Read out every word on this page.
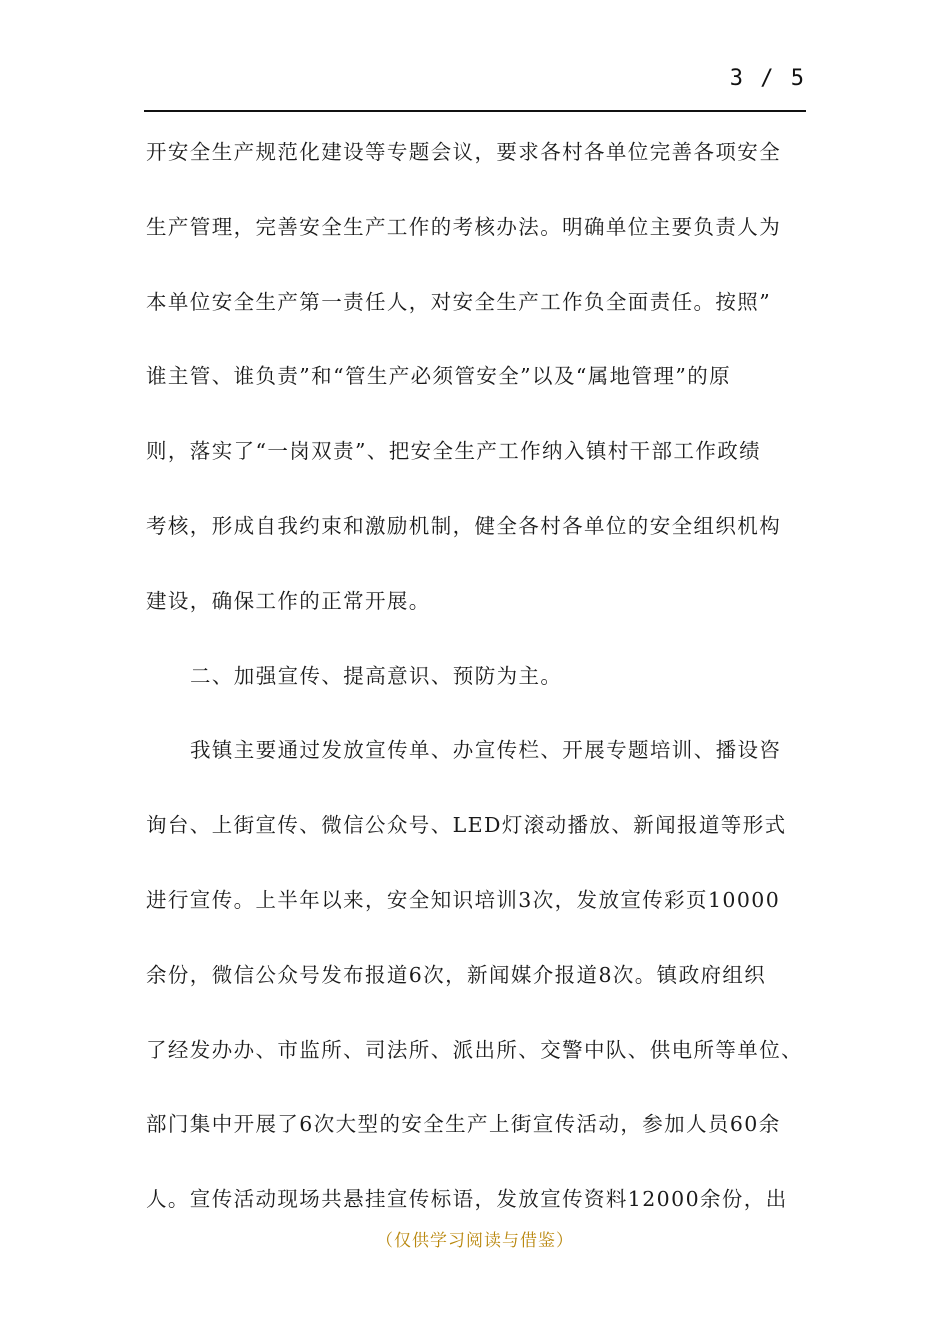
3 / 5
开安全生产规范化建设等专题会议，要求各村各单位完善各项安全
生产管理，完善安全生产工作的考核办法。明确单位主要负责人为
本单位安全生产第一责任人，对安全生产工作负全面责任。按照”
谁主管、谁负责”和“管生产必须管安全”以及“属地管理”的原
则，落实了“一岗双责”、把安全生产工作纳入镇村干部工作政绩
考核，形成自我约束和激励机制，健全各村各单位的安全组织机构
建设，确保工作的正常开展。
二、加强宣传、提高意识、预防为主。
我镇主要通过发放宣传单、办宣传栏、开展专题培训、播设咨
询台、上街宣传、微信公众号、LED灯滚动播放、新闻报道等形式
进行宣传。上半年以来，安全知识培训3次，发放宣传彩页10000
余份，微信公众号发布报道6次，新闻媒介报道8次。镇政府组织
了经发办办、市监所、司法所、派出所、交警中队、供电所等单位、
部门集中开展了6次大型的安全生产上街宣传活动，参加人员60余
人。宣传活动现场共悬挂宣传标语，发放宣传资料12000余份，出
（仅供学习阅读与借鉴）
